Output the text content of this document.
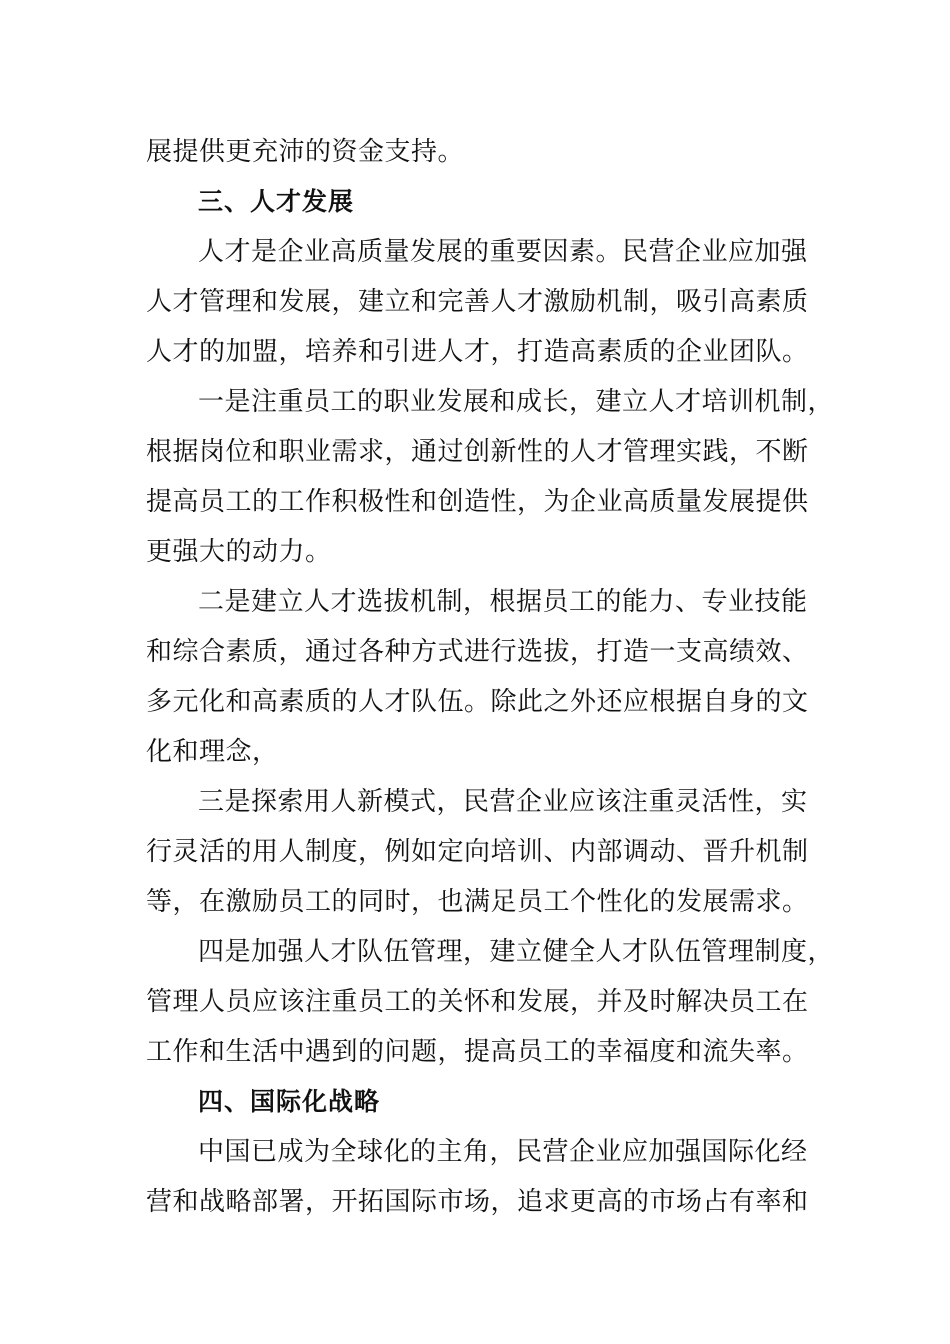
展提供更充沛的资金支持。
三、人才发展
人才是企业高质量发展的重要因素。民营企业应加强
人才管理和发展，建立和完善人才激励机制，吸引高素质
人才的加盟，培养和引进人才，打造高素质的企业团队。
一是注重员工的职业发展和成长，建立人才培训机制，
根据岗位和职业需求，通过创新性的人才管理实践，不断
提高员工的工作积极性和创造性，为企业高质量发展提供
更强大的动力。
二是建立人才选拔机制，根据员工的能力、专业技能
和综合素质，通过各种方式进行选拔，打造一支高绩效、
多元化和高素质的人才队伍。除此之外还应根据自身的文
化和理念，
三是探索用人新模式，民营企业应该注重灵活性，实
行灵活的用人制度，例如定向培训、内部调动、晋升机制
等，在激励员工的同时，也满足员工个性化的发展需求。
四是加强人才队伍管理，建立健全人才队伍管理制度，
管理人员应该注重员工的关怀和发展，并及时解决员工在
工作和生活中遇到的问题，提高员工的幸福度和流失率。
四、国际化战略
中国已成为全球化的主角，民营企业应加强国际化经
营和战略部署，开拓国际市场，追求更高的市场占有率和
